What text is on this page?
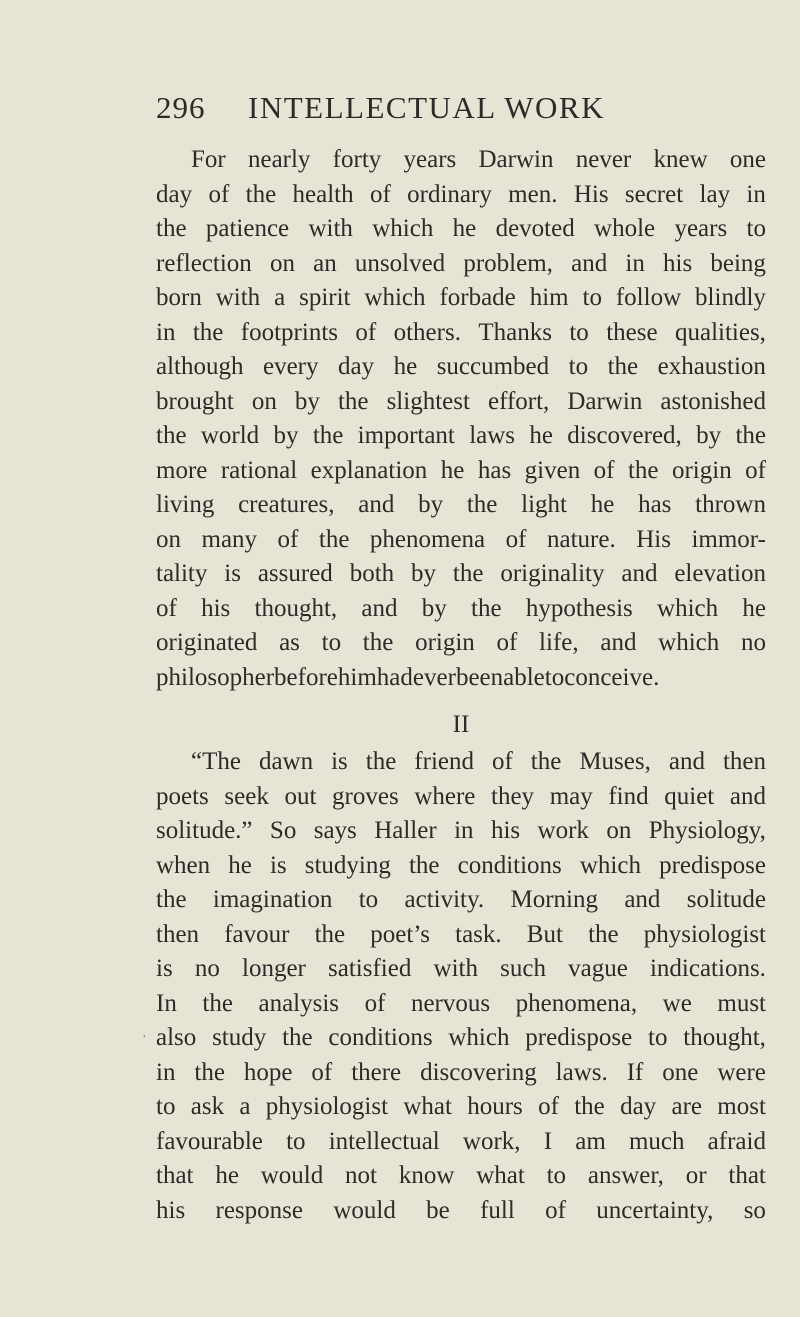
296 INTELLECTUAL WORK
For nearly forty years Darwin never knew one
day of the health of ordinary men. His secret lay in
the patience with which he devoted whole years to
reflection on an unsolved problem, and in his being
born with a spirit which forbade him to follow blindly
in the footprints of others. Thanks to these qualities,
although every day he succumbed to the exhaustion
brought on by the slightest effort, Darwin astonished
the world by the important laws he discovered, by the
more rational explanation he has given of the origin of
living creatures, and by the light he has thrown
on many of the phenomena of nature. His immor-
tality is assured both by the originality and elevation
of his thought, and by the hypothesis which he
originated as to the origin of life, and which no
philosopher before him had ever been able to conceive.
II
“The dawn is the friend of the Muses, and then
poets seek out groves where they may find quiet and
solitude.” So says Haller in his work on Physiology,
when he is studying the conditions which predispose
the imagination to activity. Morning and solitude
then favour the poet’s task. But the physiologist
is no longer satisfied with such vague indications.
In the analysis of nervous phenomena, we must
also study the conditions which predispose to thought,
in the hope of there discovering laws. If one were
to ask a physiologist what hours of the day are most
favourable to intellectual work, I am much afraid
that he would not know what to answer, or that
his response would be full of uncertainty, so
ʾ
